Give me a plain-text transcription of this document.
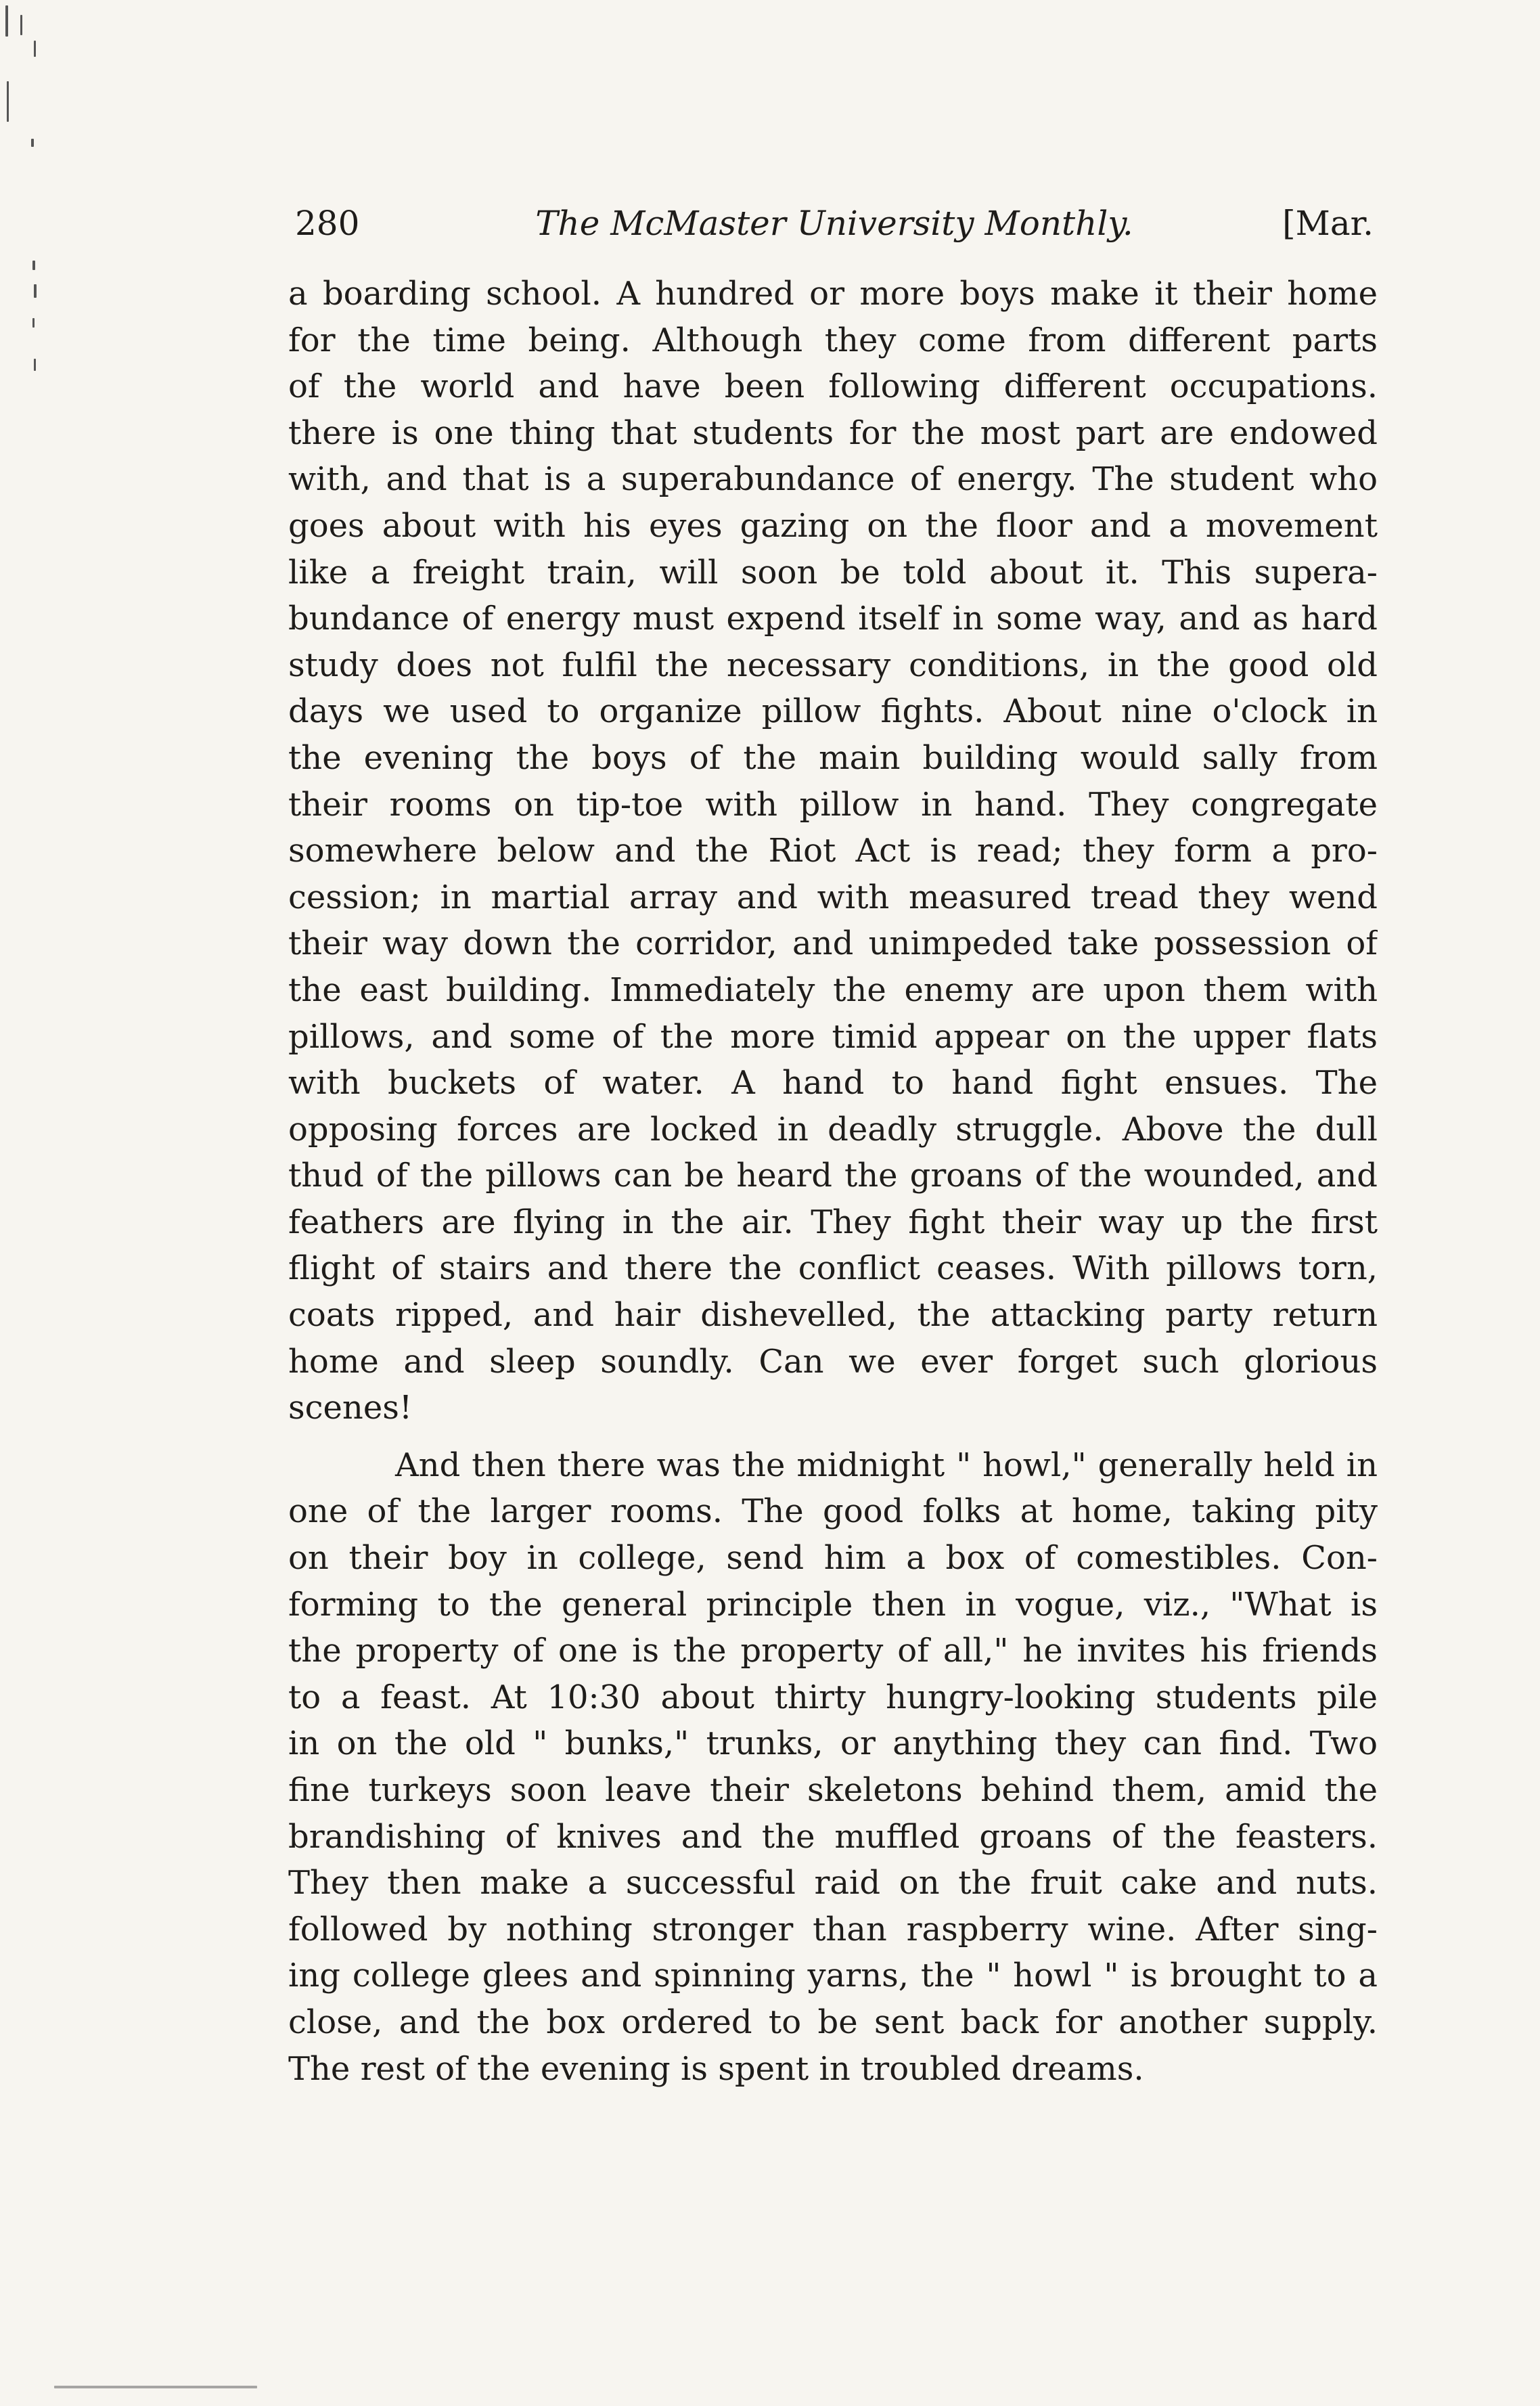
280	The McMaster University Monthly.	[Mar.
a boarding school. A hundred or more boys make it their home
for the time being. Although they come from different parts
of the world and have been following different occupations.
there is one thing that students for the most part are endowed
with, and that is a superabundance of energy. The student who
goes about with his eyes gazing on the floor and a movement
like a freight train, will soon be told about it. This supera-
bundance of energy must expend itself in some way, and as hard
study does not fulfil the necessary conditions, in the good old
days we used to organize pillow fights. About nine o'clock in
the evening the boys of the main building would sally from
their rooms on tip-toe with pillow in hand. They congregate
somewhere below and the Riot Act is read; they form a pro-
cession; in martial array and with measured tread they wend
their way down the corridor, and unimpeded take possession of
the east building. Immediately the enemy are upon them with
pillows, and some of the more timid appear on the upper flats
with buckets of water. A hand to hand fight ensues. The
opposing forces are locked in deadly struggle. Above the dull
thud of the pillows can be heard the groans of the wounded, and
feathers are flying in the air. They fight their way up the first
flight of stairs and there the conflict ceases. With pillows torn,
coats ripped, and hair dishevelled, the attacking party return
home and sleep soundly. Can we ever forget such glorious
scenes!
And then there was the midnight " howl," generally held in
one of the larger rooms. The good folks at home, taking pity
on their boy in college, send him a box of comestibles. Con-
forming to the general principle then in vogue, viz., "What is
the property of one is the property of all," he invites his friends
to a feast. At 10:30 about thirty hungry-looking students pile
in on the old " bunks," trunks, or anything they can find. Two
fine turkeys soon leave their skeletons behind them, amid the
brandishing of knives and the muffled groans of the feasters.
They then make a successful raid on the fruit cake and nuts.
followed by nothing stronger than raspberry wine. After sing-
ing college glees and spinning yarns, the " howl " is brought to a
close, and the box ordered to be sent back for another supply.
The rest of the evening is spent in troubled dreams.
